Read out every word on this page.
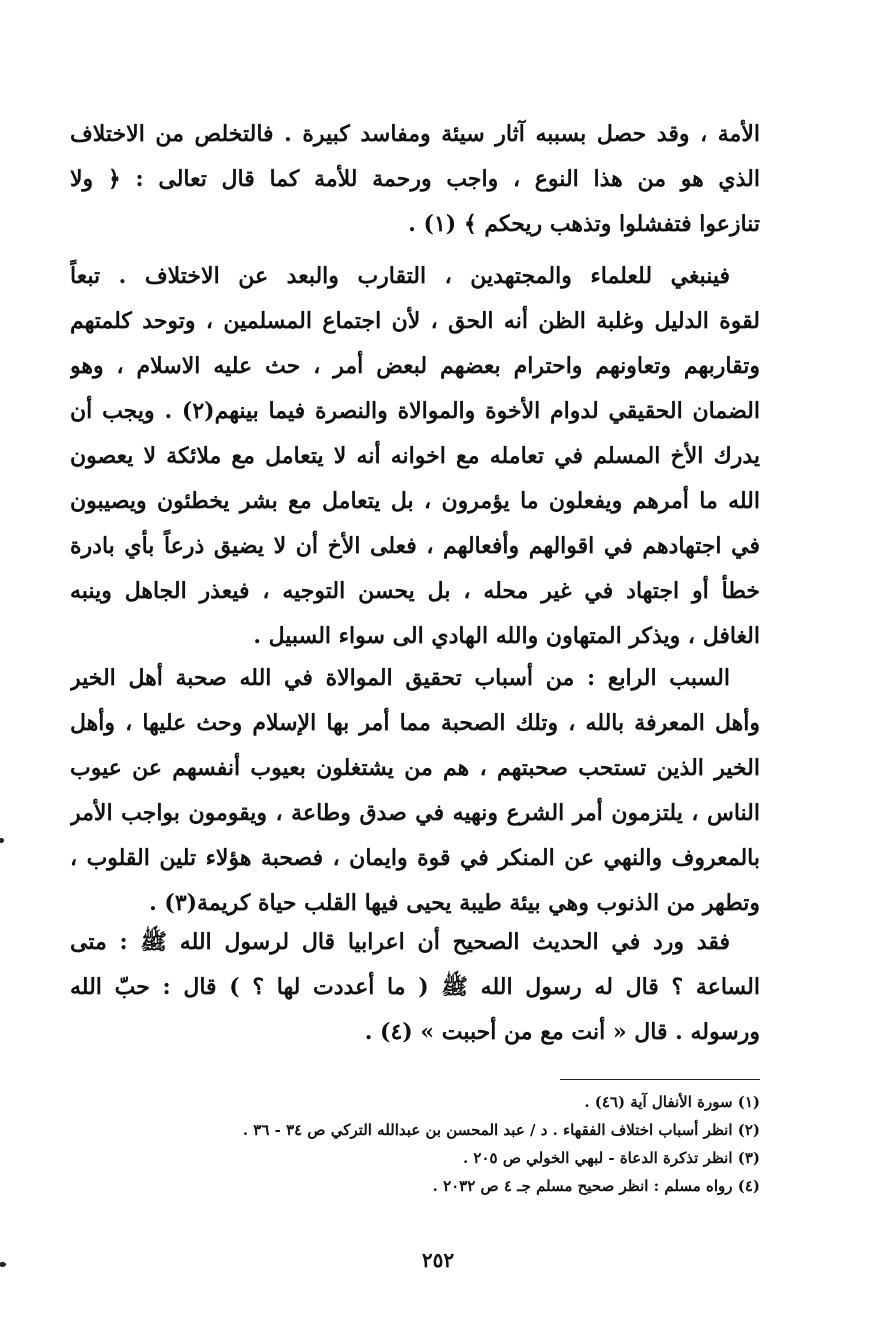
الأمة ، وقد حصل بسببه آثار سيئة ومفاسد كبيرة . فالتخلص من الاختلاف
الذي هو من هذا النوع ، واجب ورحمة للأمة كما قال تعالى : ﴿ ولا
تنازعوا فتفشلوا وتذهب ريحكم ﴾ (١) .
فينبغي للعلماء والمجتهدين ، التقارب والبعد عن الاختلاف . تبعاً
لقوة الدليل وغلبة الظن أنه الحق ، لأن اجتماع المسلمين ، وتوحد كلمتهم
وتقاربهم وتعاونهم واحترام بعضهم لبعض أمر ، حث عليه الاسلام ، وهو
الضمان الحقيقي لدوام الأخوة والموالاة والنصرة فيما بينهم(٢) . ويجب أن
يدرك الأخ المسلم في تعامله مع اخوانه أنه لا يتعامل مع ملائكة لا يعصون
الله ما أمرهم ويفعلون ما يؤمرون ، بل يتعامل مع بشر يخطئون ويصيبون
في اجتهادهم في اقوالهم وأفعالهم ، فعلى الأخ أن لا يضيق ذرعاً بأي بادرة
خطأ أو اجتهاد في غير محله ، بل يحسن التوجيه ، فيعذر الجاهل وينبه
الغافل ، ويذكر المتهاون والله الهادي الى سواء السبيل .
السبب الرابع : من أسباب تحقيق الموالاة في الله صحبة أهل الخير
وأهل المعرفة بالله ، وتلك الصحبة مما أمر بها الإسلام وحث عليها ، وأهل
الخير الذين تستحب صحبتهم ، هم من يشتغلون بعيوب أنفسهم عن عيوب
الناس ، يلتزمون أمر الشرع ونهيه في صدق وطاعة ، ويقومون بواجب الأمر
بالمعروف والنهي عن المنكر في قوة وايمان ، فصحبة هؤلاء تلين القلوب ،
وتطهر من الذنوب وهي بيئة طيبة يحيى فيها القلب حياة كريمة(٣) .
فقد ورد في الحديث الصحيح أن اعرابيا قال لرسول الله ﷺ : متى
الساعة ؟ قال له رسول الله ﷺ ( ما أعددت لها ؟ ) قال : حبّ الله
ورسوله . قال « أنت مع من أحببت » (٤) .
(١) سورة الأنفال آية (٤٦) .
(٢) انظر أسباب اختلاف الفقهاء . د / عبد المحسن بن عبدالله التركي ص ٣٤ - ٣٦ .
(٣) انظر تذكرة الدعاة - لبهي الخولي ص ٢٠٥ .
(٤) رواه مسلم : انظر صحيح مسلم جـ ٤ ص ٢٠٣٢ .
٢٥٢
